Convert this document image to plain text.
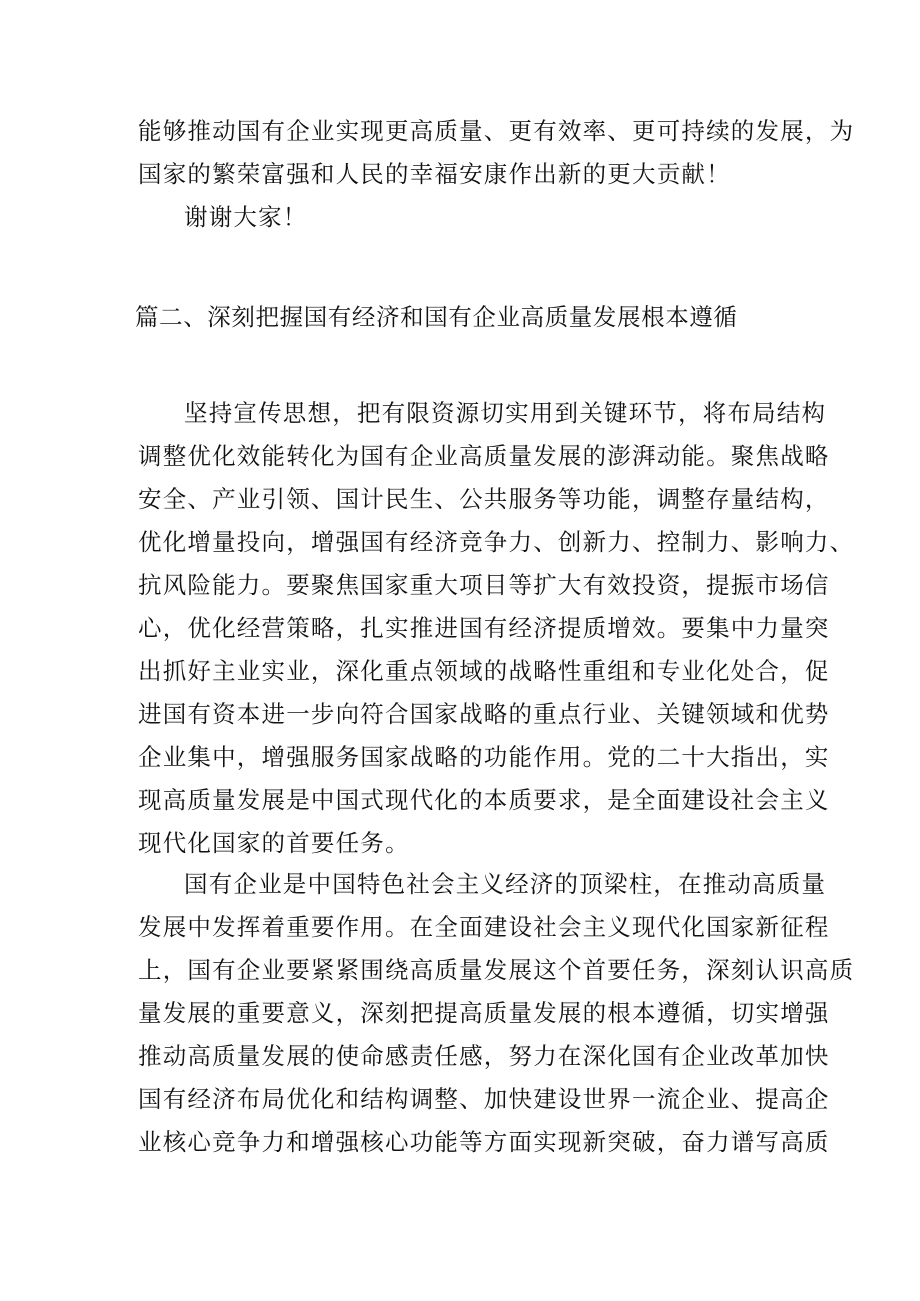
能够推动国有企业实现更高质量、更有效率、更可持续的发展，为
国家的繁荣富强和人民的幸福安康作出新的更大贡献！
谢谢大家！
篇二、深刻把握国有经济和国有企业高质量发展根本遵循
坚持宣传思想，把有限资源切实用到关键环节，将布局结构
调整优化效能转化为国有企业高质量发展的澎湃动能。聚焦战略
安全、产业引领、国计民生、公共服务等功能，调整存量结构，
优化增量投向，增强国有经济竞争力、创新力、控制力、影响力、
抗风险能力。要聚焦国家重大项目等扩大有效投资，提振市场信
心，优化经营策略，扎实推进国有经济提质增效。要集中力量突
出抓好主业实业，深化重点领域的战略性重组和专业化处合，促
进国有资本进一步向符合国家战略的重点行业、关键领域和优势
企业集中，增强服务国家战略的功能作用。党的二十大指出，实
现高质量发展是中国式现代化的本质要求，是全面建设社会主义
现代化国家的首要任务。
国有企业是中国特色社会主义经济的顶梁柱，在推动高质量
发展中发挥着重要作用。在全面建设社会主义现代化国家新征程
上，国有企业要紧紧围绕高质量发展这个首要任务，深刻认识高质
量发展的重要意义，深刻把提高质量发展的根本遵循，切实增强
推动高质量发展的使命感责任感，努力在深化国有企业改革加快
国有经济布局优化和结构调整、加快建设世界一流企业、提高企
业核心竞争力和增强核心功能等方面实现新突破，奋力谱写高质
